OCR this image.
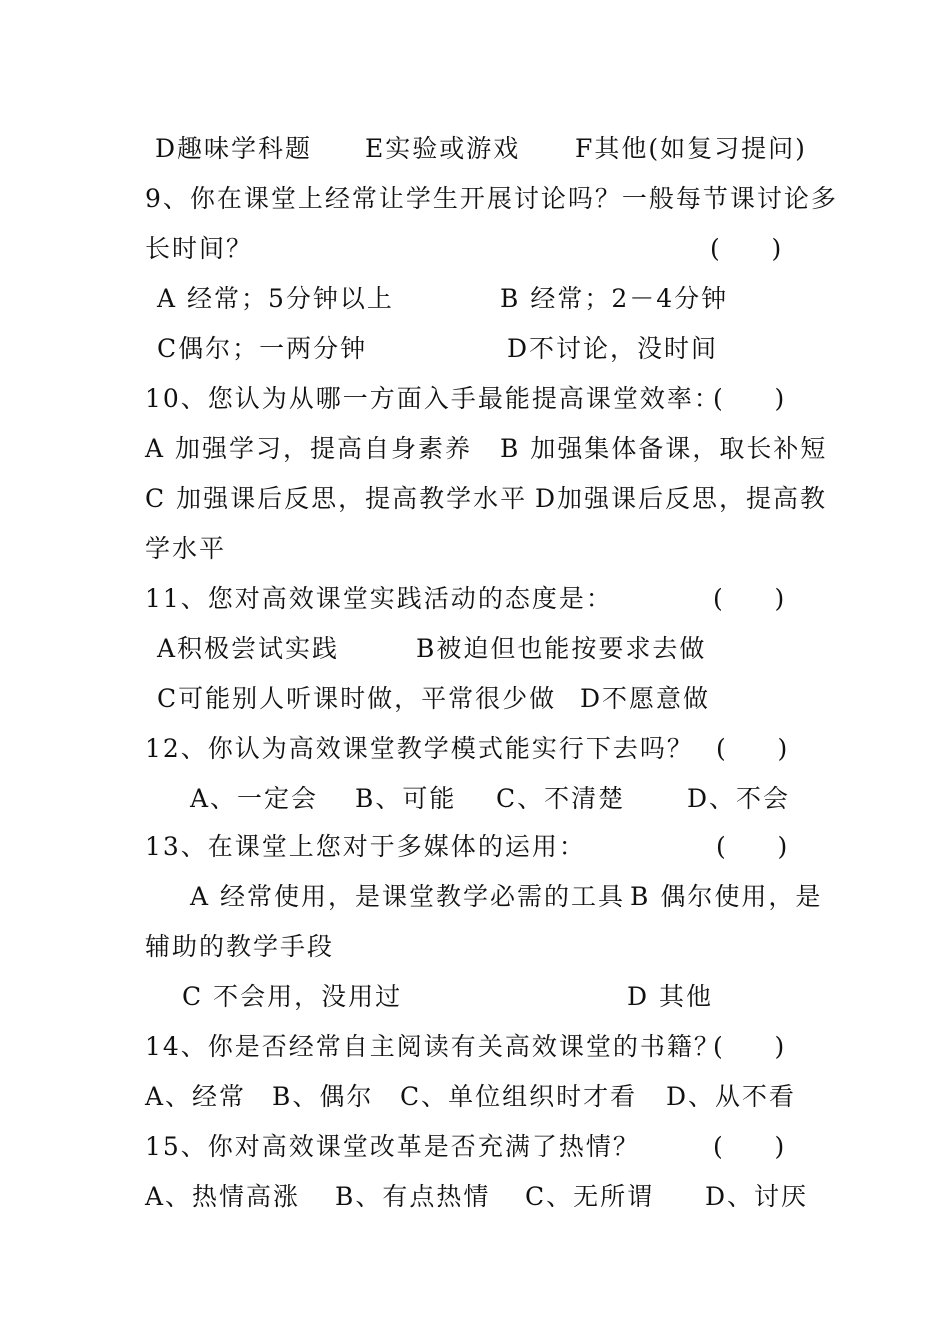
D趣味学科题 E实验或游戏 F其他(如复习提问)
9、你在课堂上经常让学生开展讨论吗？一般每节课讨论多
长时间？	(     )
A 经常；5分钟以上	B 经常；2－4分钟
C偶尔；一两分钟	D不讨论，没时间
10、您认为从哪一方面入手最能提高课堂效率：
(     )
A 加强学习，提高自身素养 B 加强集体备课，取长补短
C 加强课后反思，提高教学水平 D加强课后反思，提高教
学水平
11、您对高效课堂实践活动的态度是：	(     )
A积极尝试实践	B被迫但也能按要求去做
C可能别人听课时做，平常很少做 D不愿意做
12、你认为高效课堂教学模式能实行下去吗？ (     )
A、一定会 B、可能 C、不清楚 D、不会
13、在课堂上您对于多媒体的运用：	(     )
A 经常使用，是课堂教学必需的工具 B 偶尔使用，是
辅助的教学手段
C 不会用，没用过	D 其他
14、你是否经常自主阅读有关高效课堂的书籍？
(     )
A、经常 B、偶尔 C、单位组织时才看 D、从不看
15、你对高效课堂改革是否充满了热情？	(     )
A、热情高涨 B、有点热情 C、无所谓 D、讨厌
